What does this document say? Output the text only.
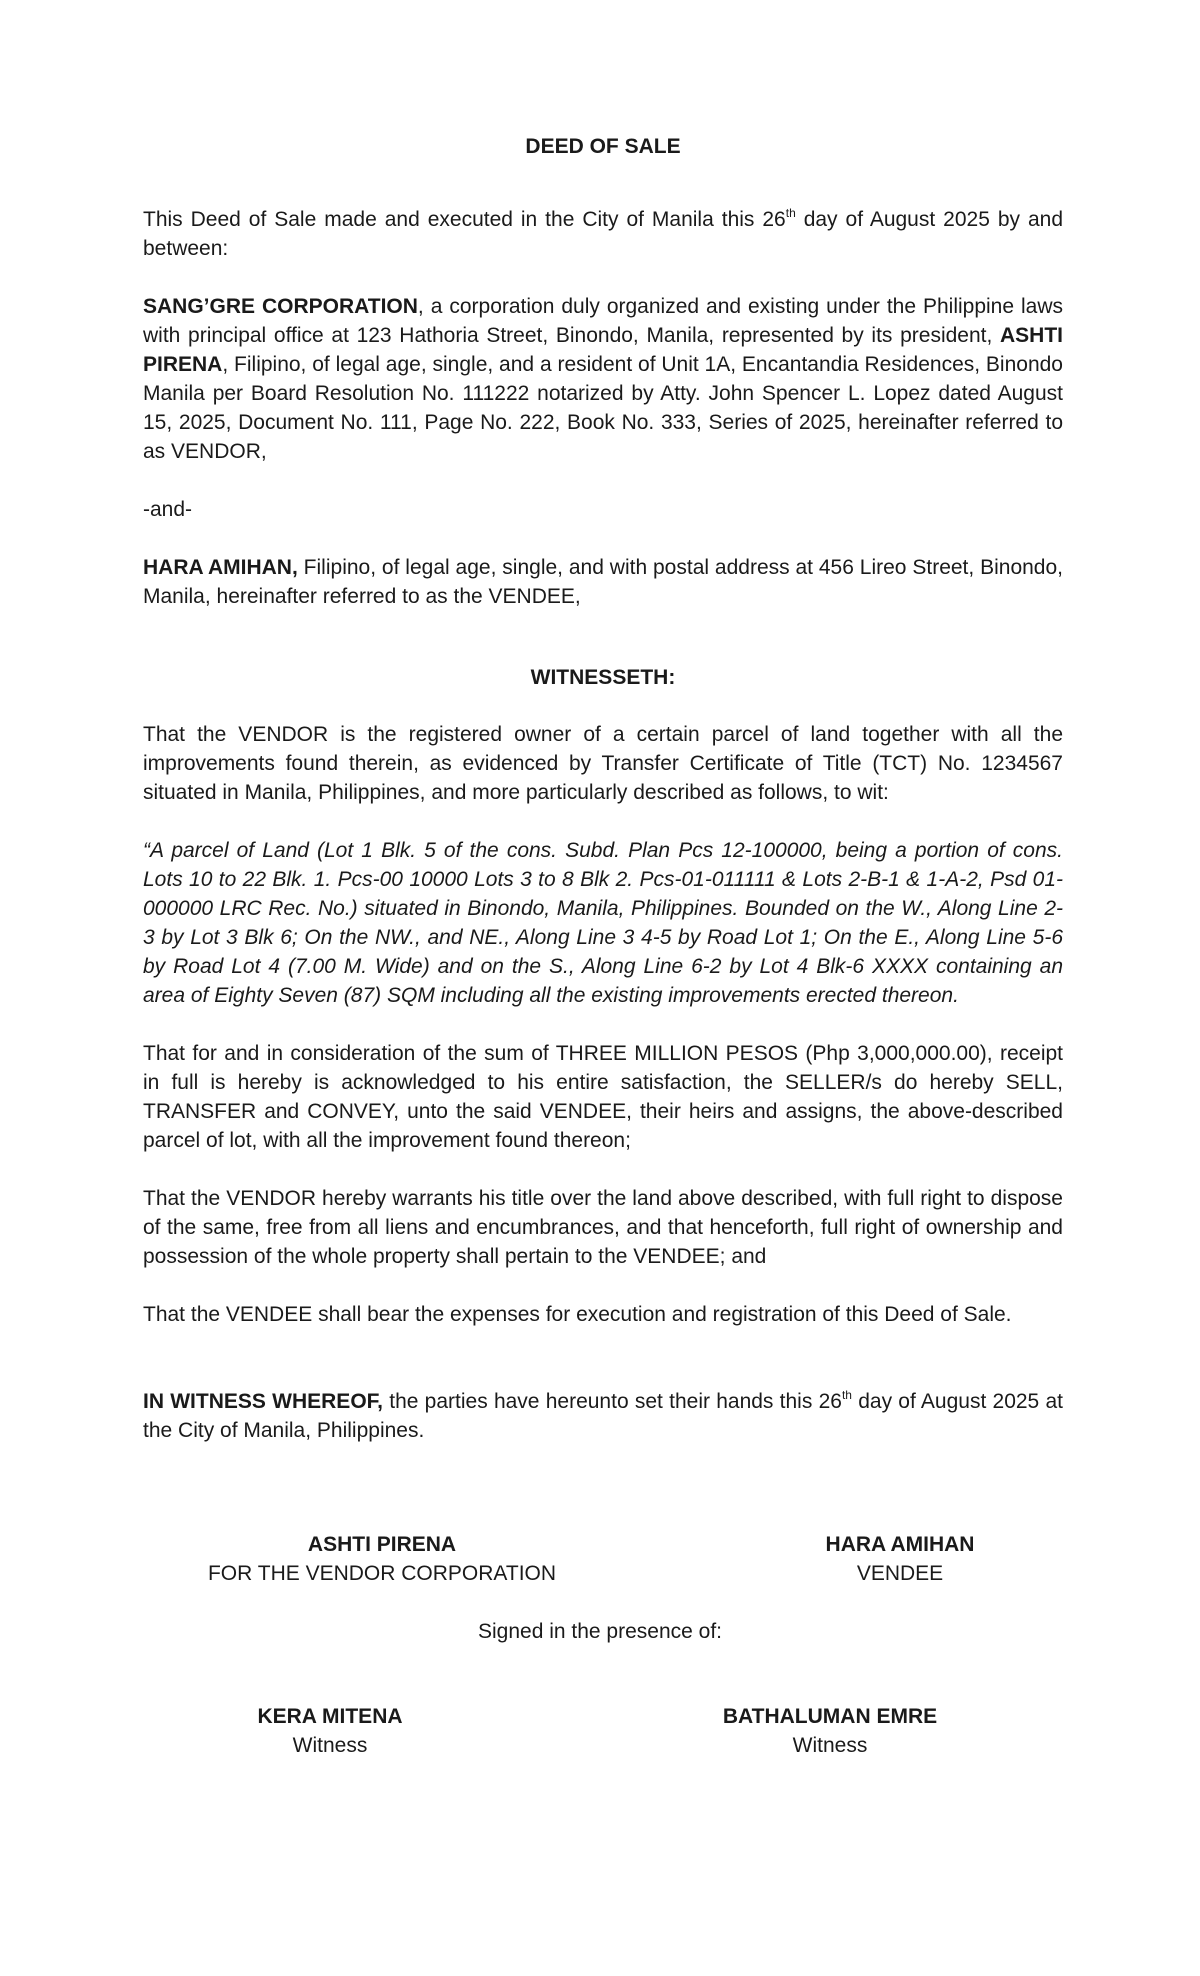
DEED OF SALE

This Deed of Sale made and executed in the City of Manila this 26th day of August 2025 by and between:

SANG’GRE CORPORATION, a corporation duly organized and existing under the Philippine laws with principal office at 123 Hathoria Street, Binondo, Manila, represented by its president, ASHTI PIRENA, Filipino, of legal age, single, and a resident of Unit 1A, Encantandia Residences, Binondo Manila per Board Resolution No. 111222 notarized by Atty. John Spencer L. Lopez dated August 15, 2025, Document No. 111, Page No. 222, Book No. 333, Series of 2025, hereinafter referred to as VENDOR,

-and-

HARA AMIHAN, Filipino, of legal age, single, and with postal address at 456 Lireo Street, Binondo, Manila, hereinafter referred to as the VENDEE,

WITNESSETH:

That the VENDOR is the registered owner of a certain parcel of land together with all the improvements found therein, as evidenced by Transfer Certificate of Title (TCT) No. 1234567 situated in Manila, Philippines, and more particularly described as follows, to wit:

“A parcel of Land (Lot 1 Blk. 5 of the cons. Subd. Plan Pcs 12-100000, being a portion of cons. Lots 10 to 22 Blk. 1. Pcs-00 10000 Lots 3 to 8 Blk 2. Pcs-01-011111 & Lots 2-B-1 & 1-A-2, Psd 01-000000 LRC Rec. No.) situated in Binondo, Manila, Philippines. Bounded on the W., Along Line 2-3 by Lot 3 Blk 6; On the NW., and NE., Along Line 3 4-5 by Road Lot 1; On the E., Along Line 5-6 by Road Lot 4 (7.00 M. Wide) and on the S., Along Line 6-2 by Lot 4 Blk-6 XXXX containing an area of Eighty Seven (87) SQM including all the existing improvements erected thereon.

That for and in consideration of the sum of THREE MILLION PESOS (Php 3,000,000.00), receipt in full is hereby is acknowledged to his entire satisfaction, the SELLER/s do hereby SELL, TRANSFER and CONVEY, unto the said VENDEE, their heirs and assigns, the above-described parcel of lot, with all the improvement found thereon;

That the VENDOR hereby warrants his title over the land above described, with full right to dispose of the same, free from all liens and encumbrances, and that henceforth, full right of ownership and possession of the whole property shall pertain to the VENDEE; and

That the VENDEE shall bear the expenses for execution and registration of this Deed of Sale.

IN WITNESS WHEREOF, the parties have hereunto set their hands this 26th day of August 2025 at the City of Manila, Philippines.

ASHTI PIRENA
FOR THE VENDOR CORPORATION
HARA AMIHAN
VENDEE
Signed in the presence of:
KERA MITENA
Witness
BATHALUMAN EMRE
Witness
